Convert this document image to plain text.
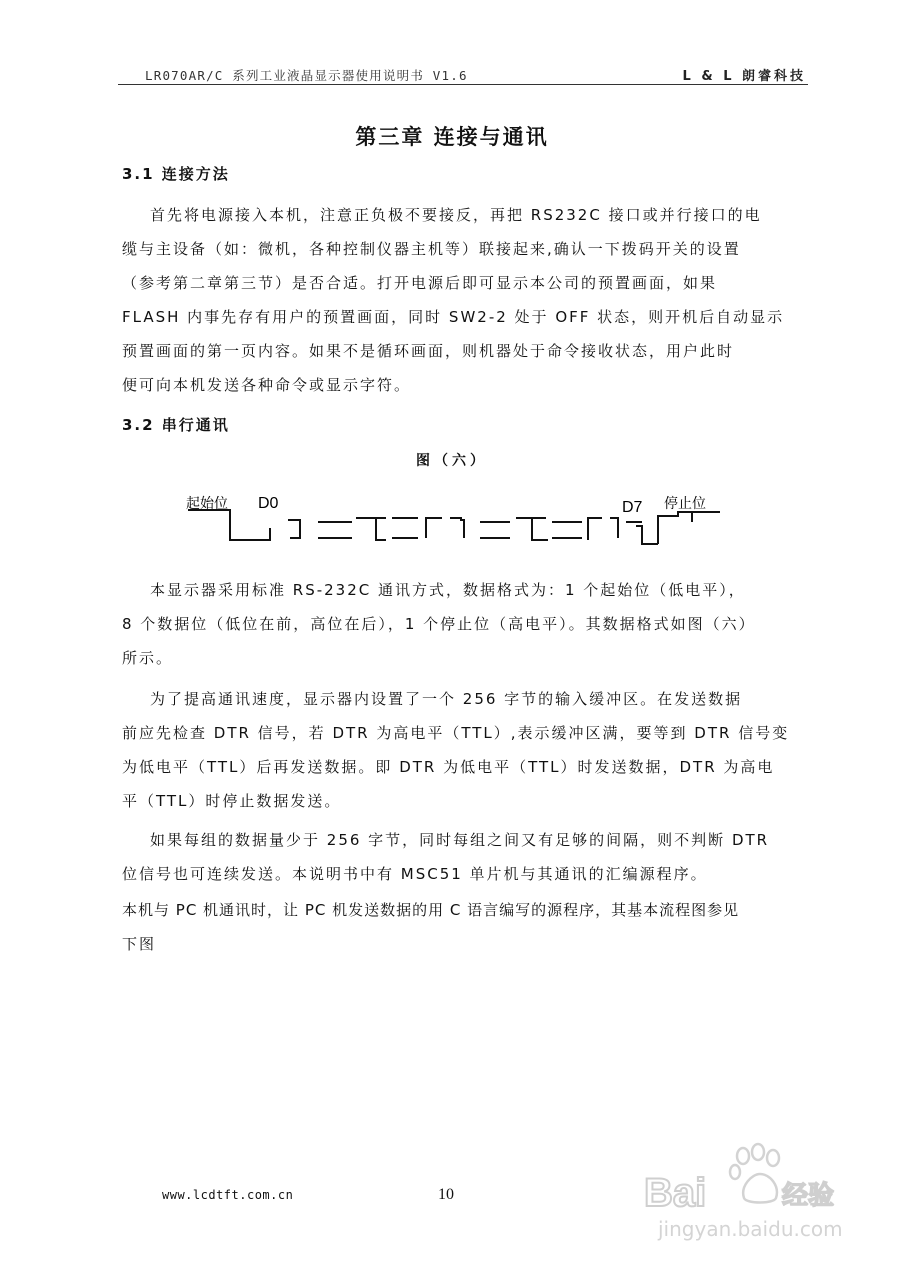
LR070AR/C 系列工业液晶显示器使用说明书 V1.6	L & L 朗睿科技
第三章 连接与通讯
3.1 连接方法
首先将电源接入本机，注意正负极不要接反，再把 RS232C 接口或并行接口的电
缆与主设备（如：微机，各种控制仪器主机等）联接起来,确认一下拨码开关的设置
（参考第二章第三节）是否合适。打开电源后即可显示本公司的预置画面，如果
FLASH 内事先存有用户的预置画面，同时 SW2-2 处于 OFF 状态，则开机后自动显示
预置画面的第一页内容。如果不是循环画面，则机器处于命令接收状态，用户此时
便可向本机发送各种命令或显示字符。
3.2 串行通讯
图（六）
起始位 D0	D7 停止位
本显示器采用标准 RS-232C 通讯方式，数据格式为：1 个起始位（低电平），
8 个数据位（低位在前，高位在后），1 个停止位（高电平）。其数据格式如图（六）
所示。
为了提高通讯速度，显示器内设置了一个 256 字节的输入缓冲区。在发送数据
前应先检查 DTR 信号，若 DTR 为高电平（TTL）,表示缓冲区满，要等到 DTR 信号变
为低电平（TTL）后再发送数据。即 DTR 为低电平（TTL）时发送数据，DTR 为高电
平（TTL）时停止数据发送。
如果每组的数据量少于 256 字节，同时每组之间又有足够的间隔，则不判断 DTR
位信号也可连续发送。本说明书中有 MSC51 单片机与其通讯的汇编源程序。
本机与 PC 机通讯时，让 PC 机发送数据的用 C 语言编写的源程序，其基本流程图参见
下图
www.lcdtft.com.cn	10	Bai	经验
jingyan.baidu.com
